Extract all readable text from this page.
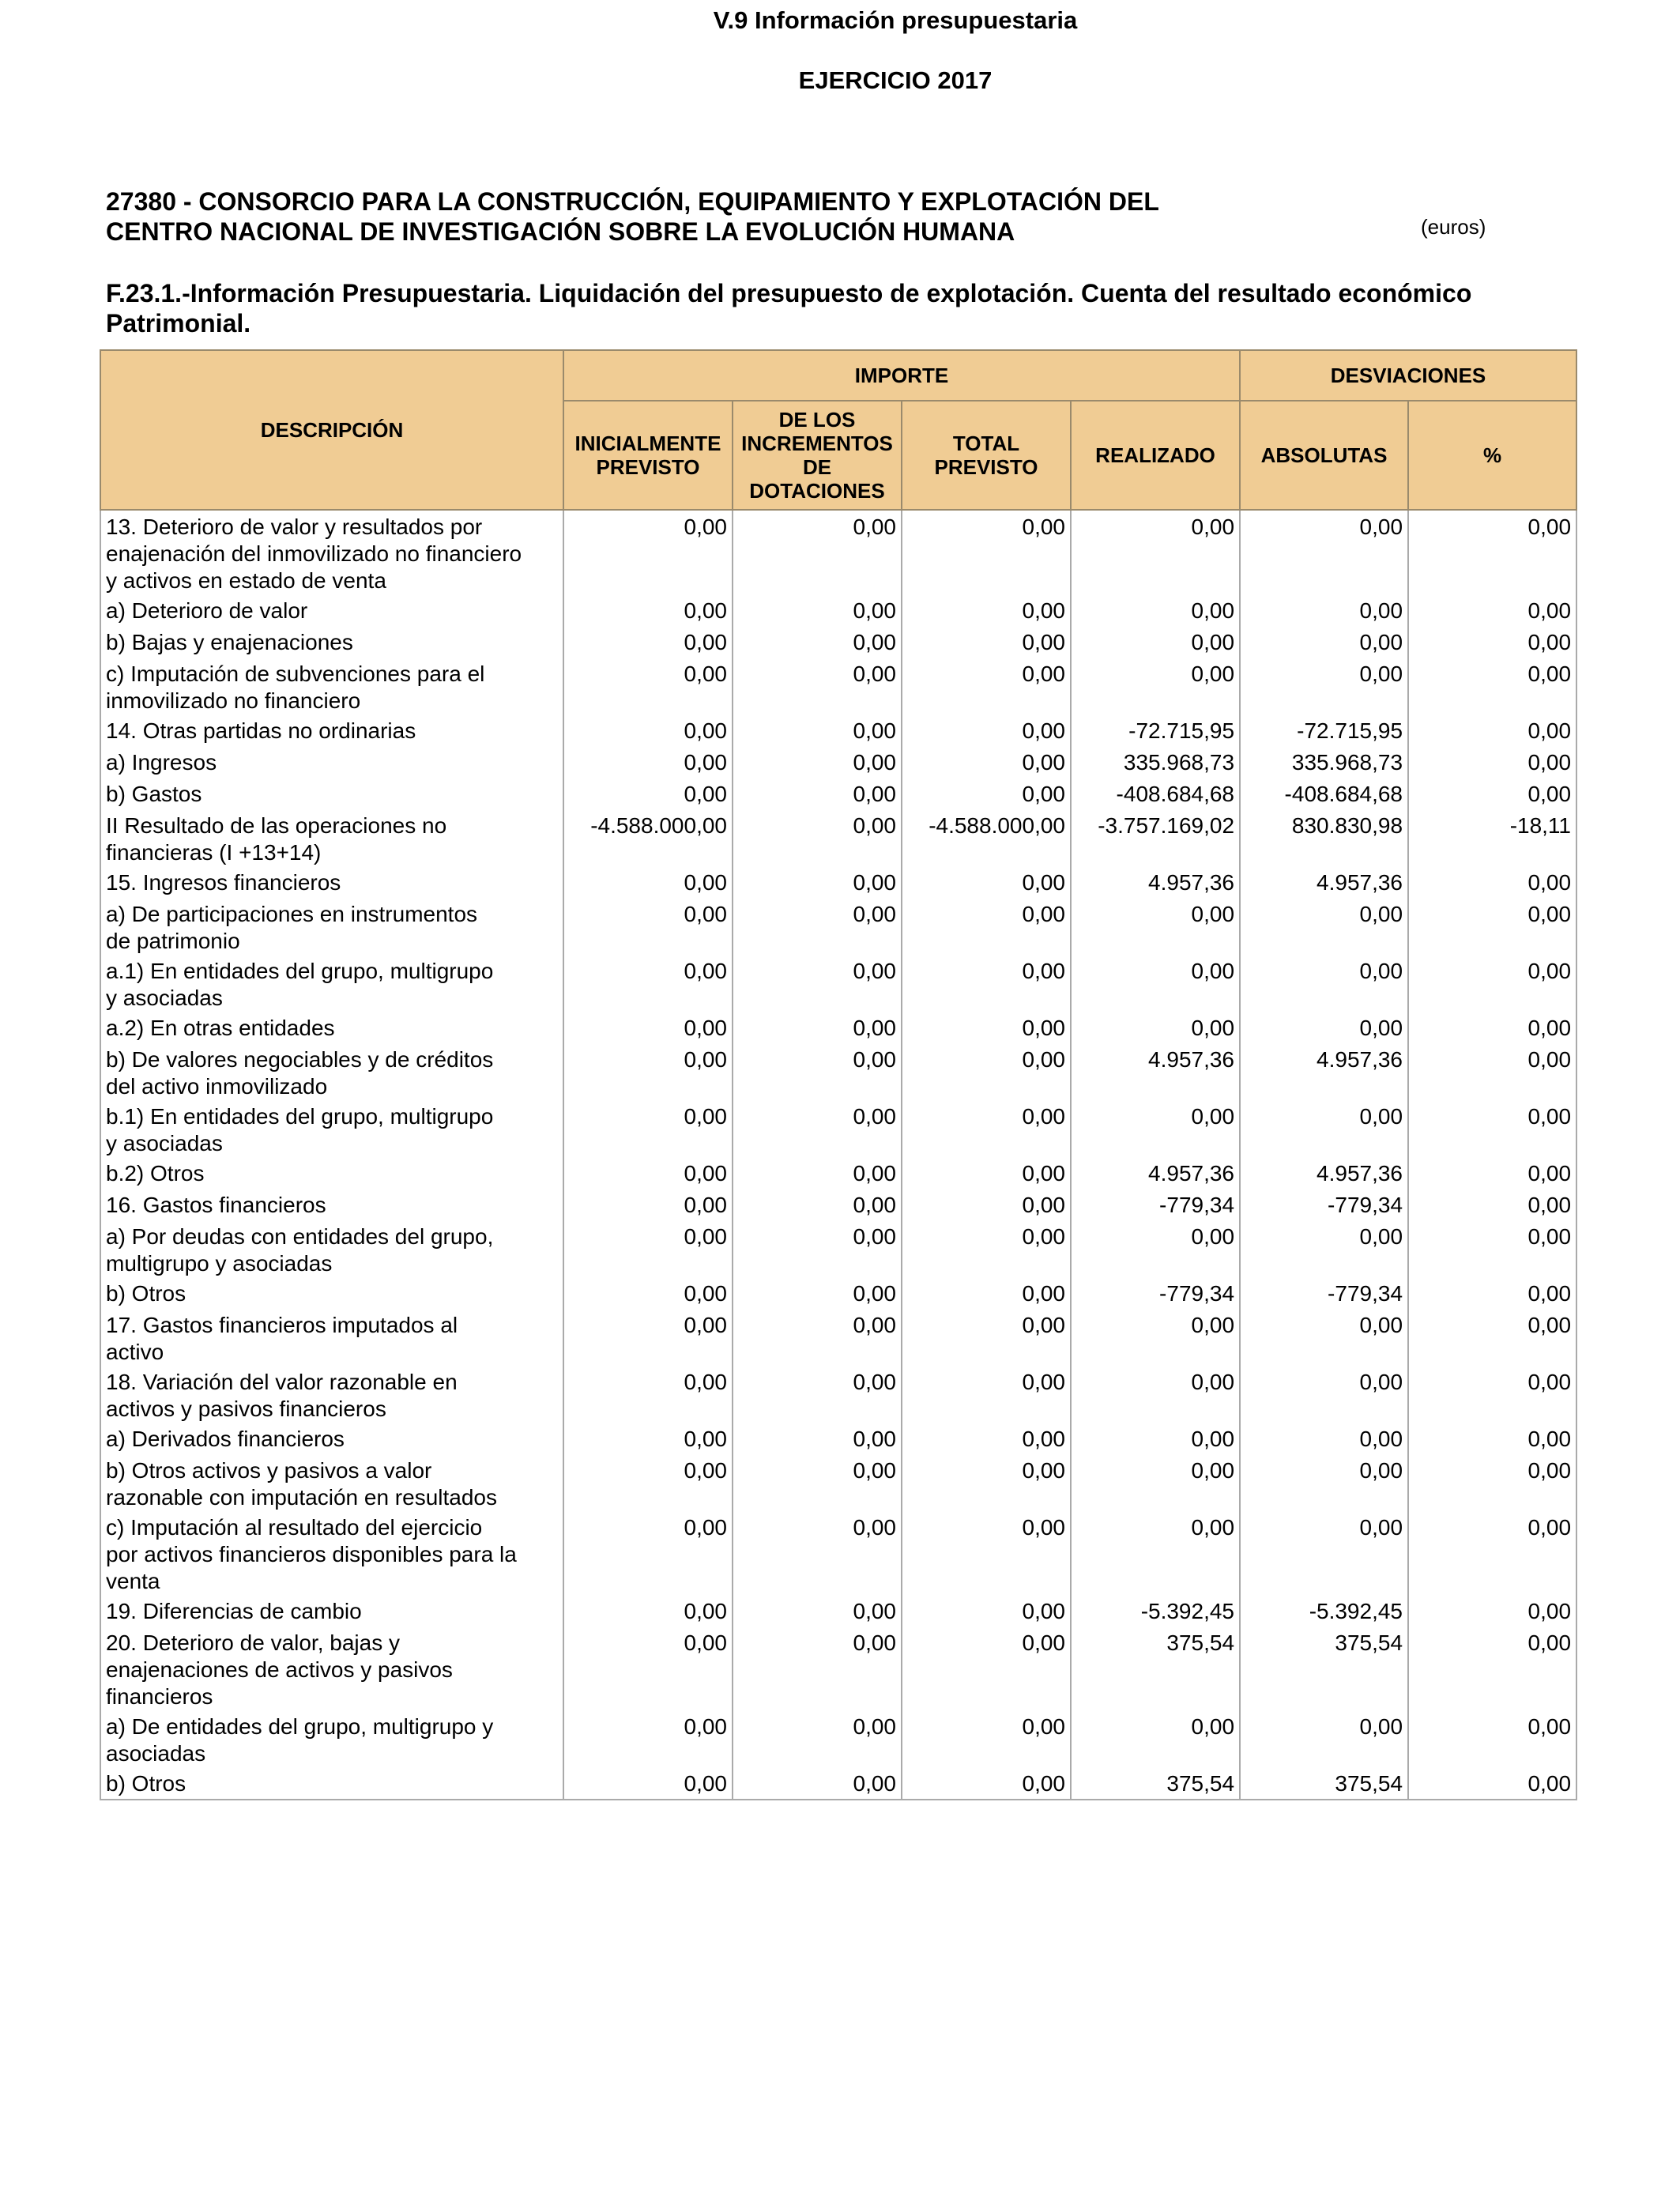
V.9 Información presupuestaria
EJERCICIO 2017
27380 - CONSORCIO PARA LA CONSTRUCCIÓN, EQUIPAMIENTO Y EXPLOTACIÓN DEL
CENTRO NACIONAL DE INVESTIGACIÓN SOBRE LA EVOLUCIÓN HUMANA	(euros)
F.23.1.-Información Presupuestaria. Liquidación del presupuesto de explotación. Cuenta del resultado económico Patrimonial.
DESCRIPCIÓN	IMPORTE				DESVIACIONES	
	INICIALMENTE PREVISTO	DE LOS INCREMENTOS DE DOTACIONES	TOTAL PREVISTO	REALIZADO	ABSOLUTAS	%
13. Deterioro de valor y resultados por
enajenación del inmovilizado no financiero
y activos en estado de venta	0,00	0,00	0,00	0,00	0,00	0,00
a) Deterioro de valor	0,00	0,00	0,00	0,00	0,00	0,00
b) Bajas y enajenaciones	0,00	0,00	0,00	0,00	0,00	0,00
c) Imputación de subvenciones para el
inmovilizado no financiero	0,00	0,00	0,00	0,00	0,00	0,00
14. Otras partidas no ordinarias	0,00	0,00	0,00	-72.715,95	-72.715,95	0,00
a) Ingresos	0,00	0,00	0,00	335.968,73	335.968,73	0,00
b) Gastos	0,00	0,00	0,00	-408.684,68	-408.684,68	0,00
II Resultado de las operaciones no
financieras (I +13+14)	-4.588.000,00	0,00	-4.588.000,00	-3.757.169,02	830.830,98	-18,11
15. Ingresos financieros	0,00	0,00	0,00	4.957,36	4.957,36	0,00
a) De participaciones en instrumentos
de patrimonio	0,00	0,00	0,00	0,00	0,00	0,00
a.1) En entidades del grupo, multigrupo
y asociadas	0,00	0,00	0,00	0,00	0,00	0,00
a.2) En otras entidades	0,00	0,00	0,00	0,00	0,00	0,00
b) De valores negociables y de créditos
del activo inmovilizado	0,00	0,00	0,00	4.957,36	4.957,36	0,00
b.1) En entidades del grupo, multigrupo
y asociadas	0,00	0,00	0,00	0,00	0,00	0,00
b.2) Otros	0,00	0,00	0,00	4.957,36	4.957,36	0,00
16. Gastos financieros	0,00	0,00	0,00	-779,34	-779,34	0,00
a) Por deudas con entidades del grupo,
multigrupo y asociadas	0,00	0,00	0,00	0,00	0,00	0,00
b) Otros	0,00	0,00	0,00	-779,34	-779,34	0,00
17. Gastos financieros imputados al
activo	0,00	0,00	0,00	0,00	0,00	0,00
18. Variación del valor razonable en
activos y pasivos financieros	0,00	0,00	0,00	0,00	0,00	0,00
a) Derivados financieros	0,00	0,00	0,00	0,00	0,00	0,00
b) Otros activos y pasivos a valor
razonable con imputación en resultados	0,00	0,00	0,00	0,00	0,00	0,00
c) Imputación al resultado del ejercicio
por activos financieros disponibles para la
venta	0,00	0,00	0,00	0,00	0,00	0,00
19. Diferencias de cambio	0,00	0,00	0,00	-5.392,45	-5.392,45	0,00
20. Deterioro de valor, bajas y
enajenaciones de activos y pasivos
financieros	0,00	0,00	0,00	375,54	375,54	0,00
a) De entidades del grupo, multigrupo y
asociadas	0,00	0,00	0,00	0,00	0,00	0,00
b) Otros	0,00	0,00	0,00	375,54	375,54	0,00
